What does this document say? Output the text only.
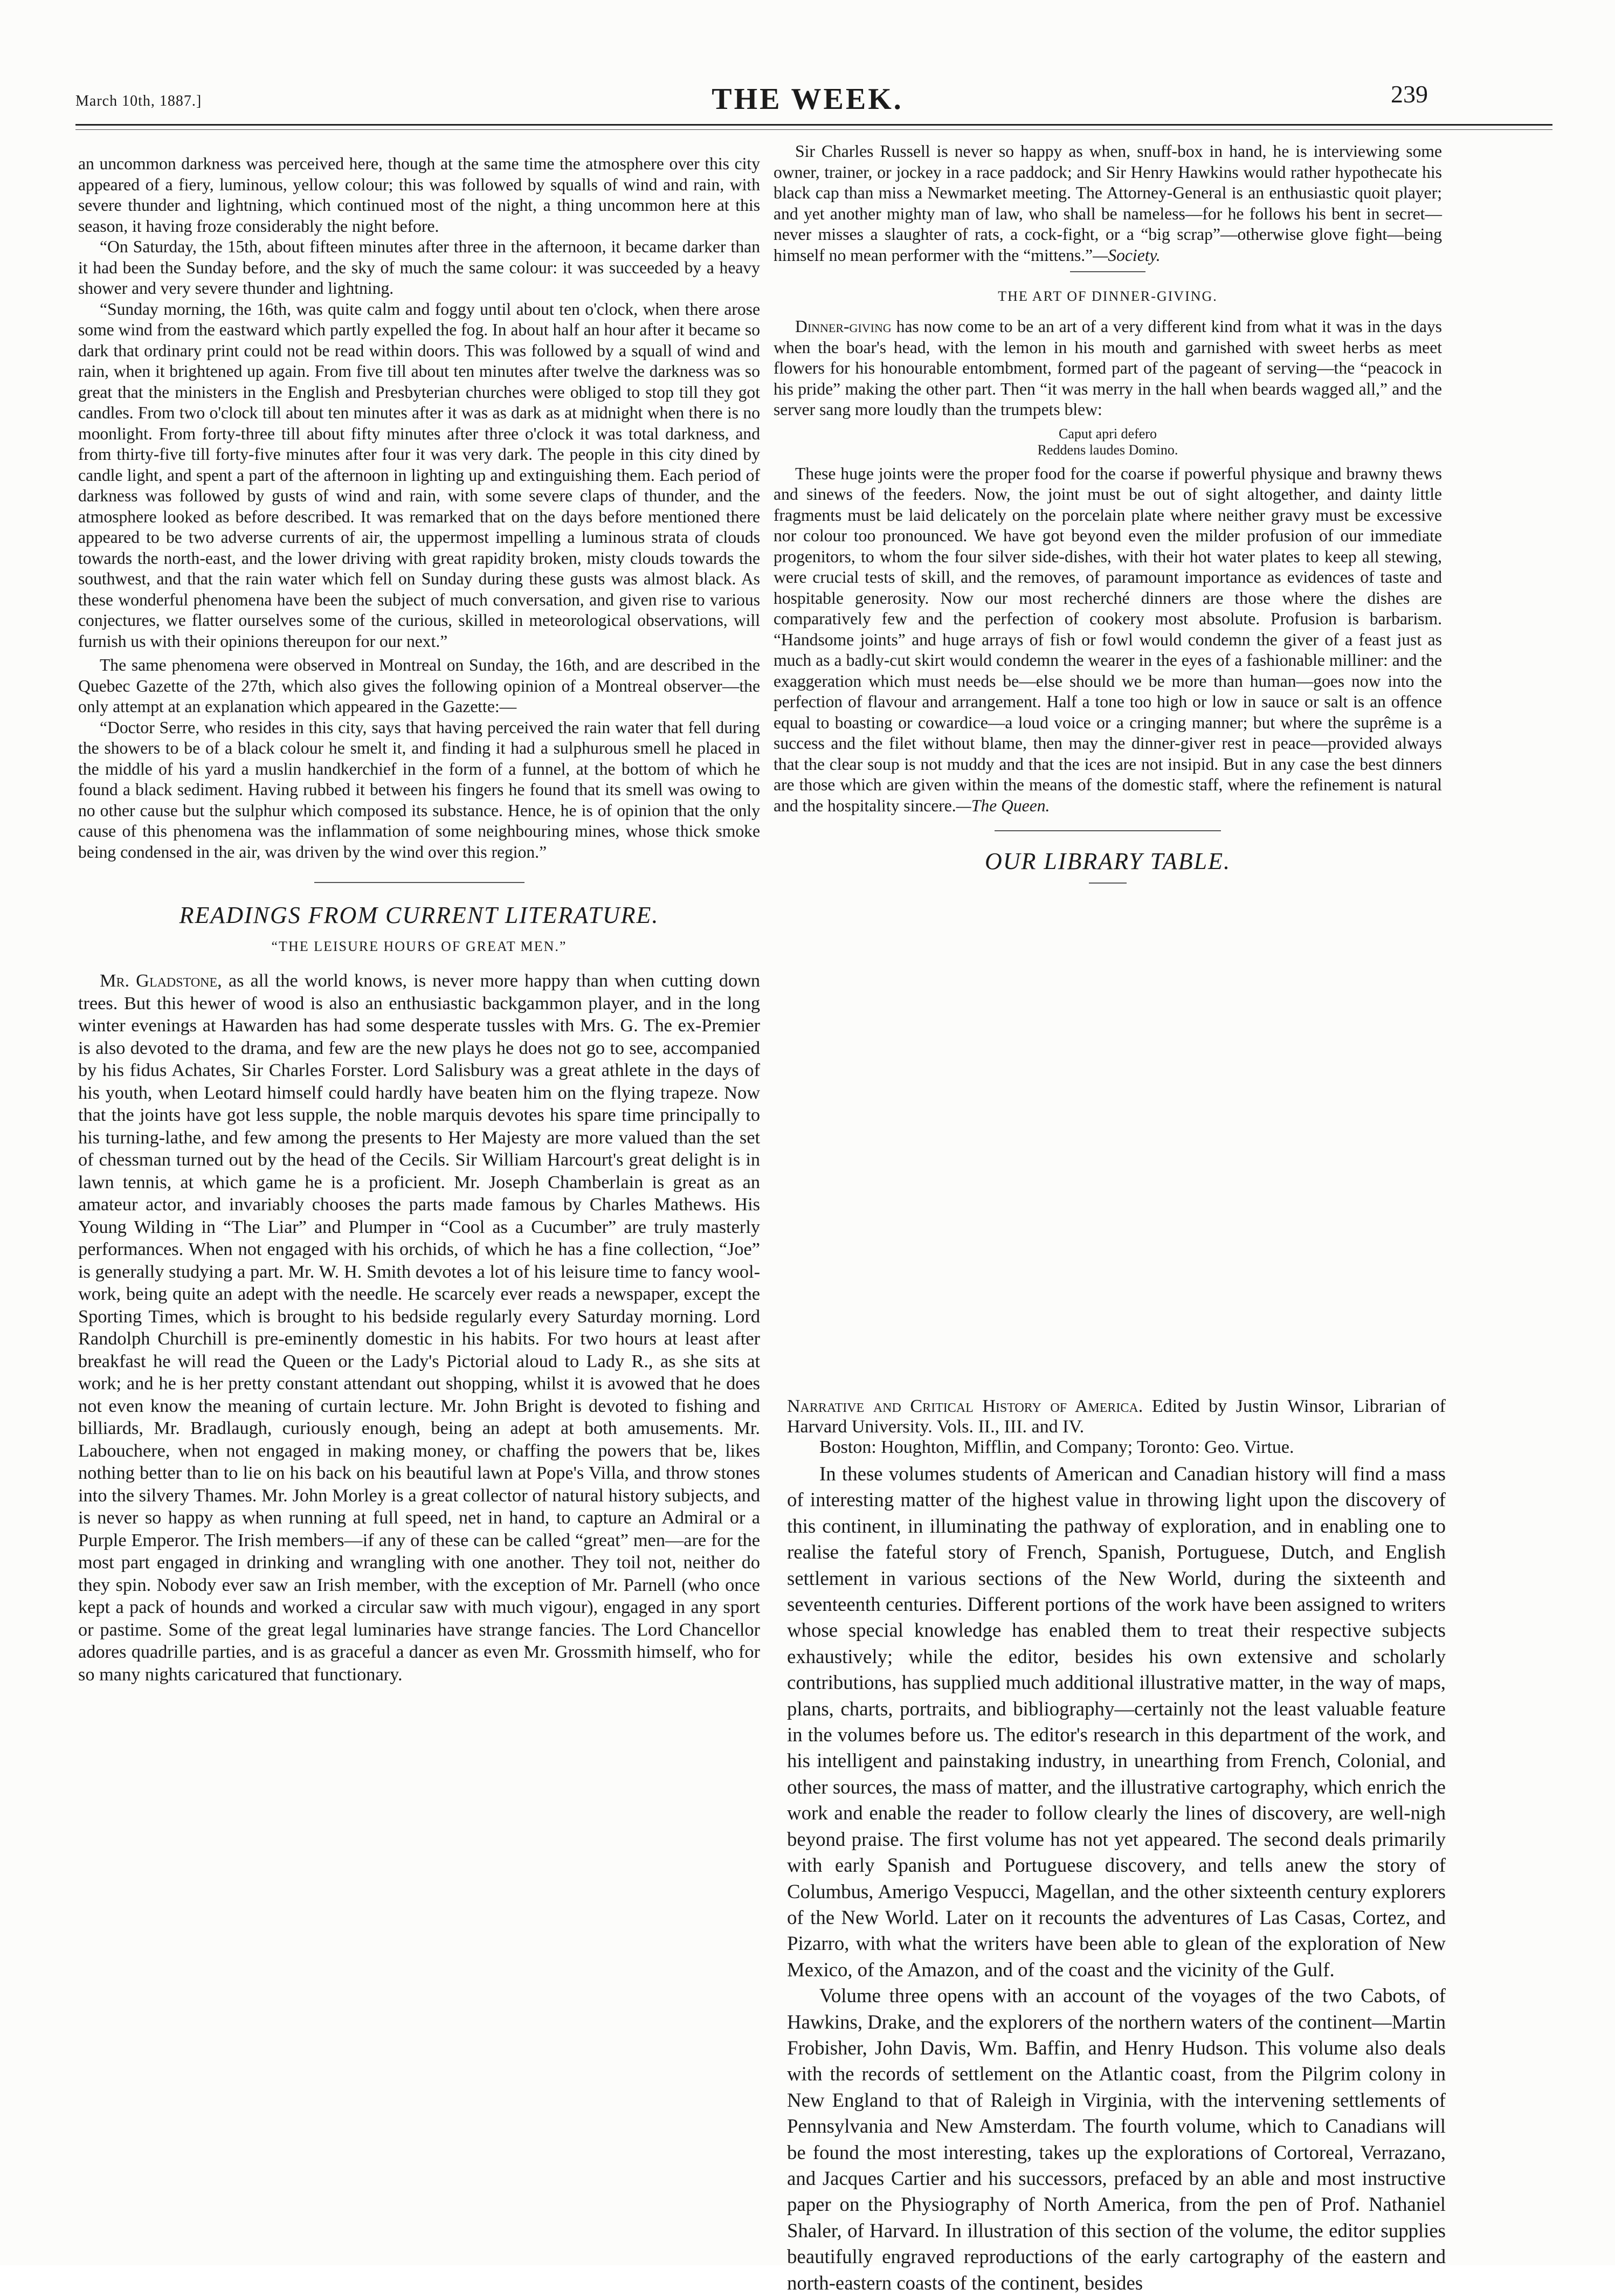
March 10th, 1887.]	THE WEEK.	239

an uncommon darkness was perceived here, though at the same time the atmosphere over this city appeared of a fiery, luminous, yellow colour; this was followed by squalls of wind and rain, with severe thunder and lightning, which continued most of the night, a thing uncommon here at this season, it having froze considerably the night before.

“On Saturday, the 15th, about fifteen minutes after three in the afternoon, it became darker than it had been the Sunday before, and the sky of much the same colour: it was succeeded by a heavy shower and very severe thunder and lightning.

“Sunday morning, the 16th, was quite calm and foggy until about ten o'clock, when there arose some wind from the eastward which partly expelled the fog. In about half an hour after it became so dark that ordinary print could not be read within doors. This was followed by a squall of wind and rain, when it brightened up again. From five till about ten minutes after twelve the darkness was so great that the ministers in the English and Presbyterian churches were obliged to stop till they got candles. From two o'clock till about ten minutes after it was as dark as at midnight when there is no moonlight. From forty-three till about fifty minutes after three o'clock it was total darkness, and from thirty-five till forty-five minutes after four it was very dark. The people in this city dined by candle light, and spent a part of the afternoon in lighting up and extinguishing them. Each period of darkness was followed by gusts of wind and rain, with some severe claps of thunder, and the atmosphere looked as before described. It was remarked that on the days before mentioned there appeared to be two adverse currents of air, the uppermost impelling a luminous strata of clouds towards the north-east, and the lower driving with great rapidity broken, misty clouds towards the southwest, and that the rain water which fell on Sunday during these gusts was almost black. As these wonderful phenomena have been the subject of much conversation, and given rise to various conjectures, we flatter ourselves some of the curious, skilled in meteorological observations, will furnish us with their opinions thereupon for our next.”

The same phenomena were observed in Montreal on Sunday, the 16th, and are described in the Quebec Gazette of the 27th, which also gives the following opinion of a Montreal observer—the only attempt at an explanation which appeared in the Gazette:—

“Doctor Serre, who resides in this city, says that having perceived the rain water that fell during the showers to be of a black colour he smelt it, and finding it had a sulphurous smell he placed in the middle of his yard a muslin handkerchief in the form of a funnel, at the bottom of which he found a black sediment. Having rubbed it between his fingers he found that its smell was owing to no other cause but the sulphur which composed its substance. Hence, he is of opinion that the only cause of this phenomena was the inflammation of some neighbouring mines, whose thick smoke being condensed in the air, was driven by the wind over this region.”

READINGS FROM CURRENT LITERATURE.

“THE LEISURE HOURS OF GREAT MEN.”

Mr. Gladstone, as all the world knows, is never more happy than when cutting down trees. But this hewer of wood is also an enthusiastic backgammon player, and in the long winter evenings at Hawarden has had some desperate tussles with Mrs. G. The ex-Premier is also devoted to the drama, and few are the new plays he does not go to see, accompanied by his fidus Achates, Sir Charles Forster. Lord Salisbury was a great athlete in the days of his youth, when Leotard himself could hardly have beaten him on the flying trapeze. Now that the joints have got less supple, the noble marquis devotes his spare time principally to his turning-lathe, and few among the presents to Her Majesty are more valued than the set of chessman turned out by the head of the Cecils. Sir William Harcourt's great delight is in lawn tennis, at which game he is a proficient. Mr. Joseph Chamberlain is great as an amateur actor, and invariably chooses the parts made famous by Charles Mathews. His Young Wilding in “The Liar” and Plumper in “Cool as a Cucumber” are truly masterly performances. When not engaged with his orchids, of which he has a fine collection, “Joe” is generally studying a part. Mr. W. H. Smith devotes a lot of his leisure time to fancy wool-work, being quite an adept with the needle. He scarcely ever reads a newspaper, except the Sporting Times, which is brought to his bedside regularly every Saturday morning. Lord Randolph Churchill is pre-eminently domestic in his habits. For two hours at least after breakfast he will read the Queen or the Lady's Pictorial aloud to Lady R., as she sits at work; and he is her pretty constant attendant out shopping, whilst it is avowed that he does not even know the meaning of curtain lecture. Mr. John Bright is devoted to fishing and billiards, Mr. Bradlaugh, curiously enough, being an adept at both amusements. Mr. Labouchere, when not engaged in making money, or chaffing the powers that be, likes nothing better than to lie on his back on his beautiful lawn at Pope's Villa, and throw stones into the silvery Thames. Mr. John Morley is a great collector of natural history subjects, and is never so happy as when running at full speed, net in hand, to capture an Admiral or a Purple Emperor. The Irish members—if any of these can be called “great” men—are for the most part engaged in drinking and wrangling with one another. They toil not, neither do they spin. Nobody ever saw an Irish member, with the exception of Mr. Parnell (who once kept a pack of hounds and worked a circular saw with much vigour), engaged in any sport or pastime. Some of the great legal luminaries have strange fancies. The Lord Chancellor adores quadrille parties, and is as graceful a dancer as even Mr. Grossmith himself, who for so many nights caricatured that functionary.

Sir Charles Russell is never so happy as when, snuff-box in hand, he is interviewing some owner, trainer, or jockey in a race paddock; and Sir Henry Hawkins would rather hypothecate his black cap than miss a Newmarket meeting. The Attorney-General is an enthusiastic quoit player; and yet another mighty man of law, who shall be nameless—for he follows his bent in secret—never misses a slaughter of rats, a cock-fight, or a “big scrap”—otherwise glove fight—being himself no mean performer with the “mittens.”—Society.

THE ART OF DINNER-GIVING.

Dinner-giving has now come to be an art of a very different kind from what it was in the days when the boar's head, with the lemon in his mouth and garnished with sweet herbs as meet flowers for his honourable entombment, formed part of the pageant of serving—the “peacock in his pride” making the other part. Then “it was merry in the hall when beards wagged all,” and the server sang more loudly than the trumpets blew:

Caput apri defero
Reddens laudes Domino.

These huge joints were the proper food for the coarse if powerful physique and brawny thews and sinews of the feeders. Now, the joint must be out of sight altogether, and dainty little fragments must be laid delicately on the porcelain plate where neither gravy must be excessive nor colour too pronounced. We have got beyond even the milder profusion of our immediate progenitors, to whom the four silver side-dishes, with their hot water plates to keep all stewing, were crucial tests of skill, and the removes, of paramount importance as evidences of taste and hospitable generosity. Now our most recherché dinners are those where the dishes are comparatively few and the perfection of cookery most absolute. Profusion is barbarism. “Handsome joints” and huge arrays of fish or fowl would condemn the giver of a feast just as much as a badly-cut skirt would condemn the wearer in the eyes of a fashionable milliner: and the exaggeration which must needs be—else should we be more than human—goes now into the perfection of flavour and arrangement. Half a tone too high or low in sauce or salt is an offence equal to boasting or cowardice—a loud voice or a cringing manner; but where the suprême is a success and the filet without blame, then may the dinner-giver rest in peace—provided always that the clear soup is not muddy and that the ices are not insipid. But in any case the best dinners are those which are given within the means of the domestic staff, where the refinement is natural and the hospitality sincere.—The Queen.

OUR LIBRARY TABLE.

Narrative and Critical History of America. Edited by Justin Winsor, Librarian of Harvard University. Vols. II., III. and IV.
Boston: Houghton, Mifflin, and Company; Toronto: Geo. Virtue.

In these volumes students of American and Canadian history will find a mass of interesting matter of the highest value in throwing light upon the discovery of this continent, in illuminating the pathway of exploration, and in enabling one to realise the fateful story of French, Spanish, Portuguese, Dutch, and English settlement in various sections of the New World, during the sixteenth and seventeenth centuries. Different portions of the work have been assigned to writers whose special knowledge has enabled them to treat their respective subjects exhaustively; while the editor, besides his own extensive and scholarly contributions, has supplied much additional illustrative matter, in the way of maps, plans, charts, portraits, and bibliography—certainly not the least valuable feature in the volumes before us. The editor's research in this department of the work, and his intelligent and painstaking industry, in unearthing from French, Colonial, and other sources, the mass of matter, and the illustrative cartography, which enrich the work and enable the reader to follow clearly the lines of discovery, are well-nigh beyond praise. The first volume has not yet appeared. The second deals primarily with early Spanish and Portuguese discovery, and tells anew the story of Columbus, Amerigo Vespucci, Magellan, and the other sixteenth century explorers of the New World. Later on it recounts the adventures of Las Casas, Cortez, and Pizarro, with what the writers have been able to glean of the exploration of New Mexico, of the Amazon, and of the coast and the vicinity of the Gulf.

Volume three opens with an account of the voyages of the two Cabots, of Hawkins, Drake, and the explorers of the northern waters of the continent—Martin Frobisher, John Davis, Wm. Baffin, and Henry Hudson. This volume also deals with the records of settlement on the Atlantic coast, from the Pilgrim colony in New England to that of Raleigh in Virginia, with the intervening settlements of Pennsylvania and New Amsterdam. The fourth volume, which to Canadians will be found the most interesting, takes up the explorations of Cortoreal, Verrazano, and Jacques Cartier and his successors, prefaced by an able and most instructive paper on the Physiography of North America, from the pen of Prof. Nathaniel Shaler, of Harvard. In illustration of this section of the volume, the editor supplies beautifully engraved reproductions of the early cartography of the eastern and north-eastern coasts of the continent, besides
